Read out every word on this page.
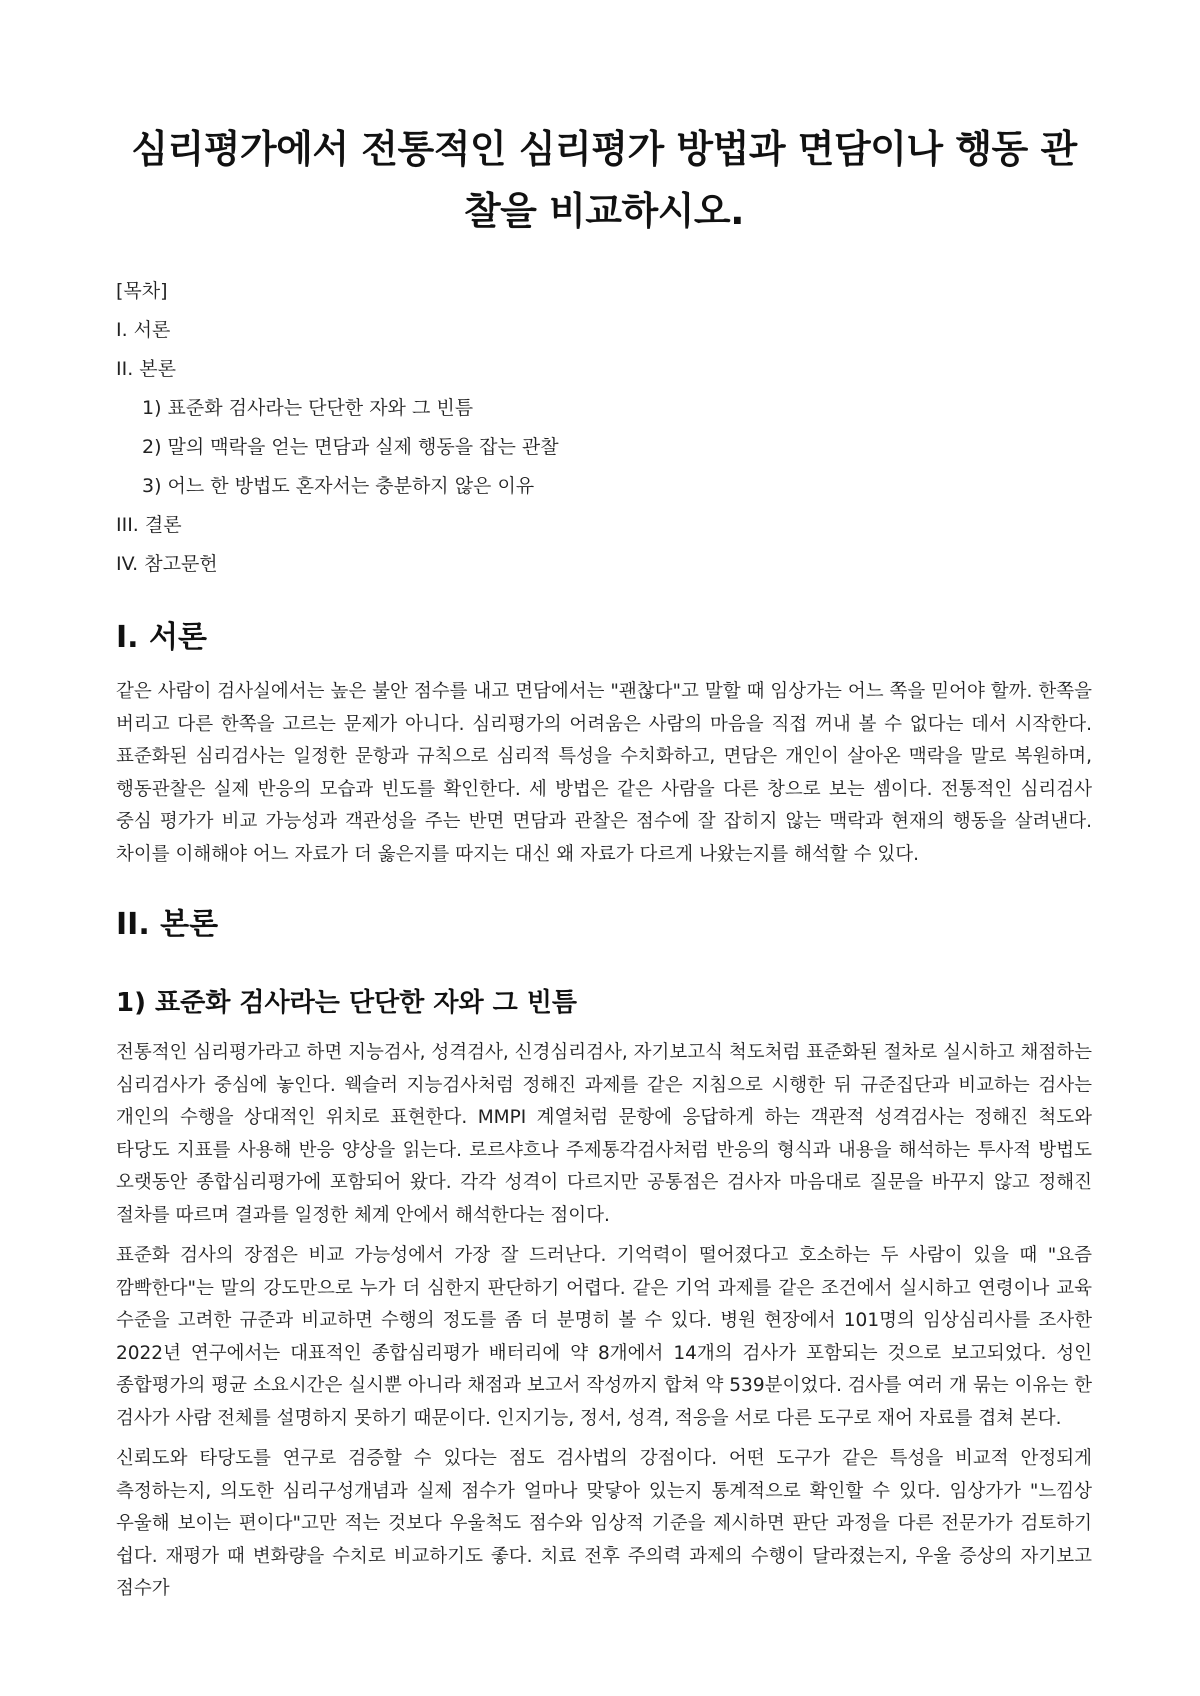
심리평가에서 전통적인 심리평가 방법과 면담이나 행동 관찰을 비교하시오.
[목차]
I. 서론
II. 본론
1) 표준화 검사라는 단단한 자와 그 빈틈
2) 말의 맥락을 얻는 면담과 실제 행동을 잡는 관찰
3) 어느 한 방법도 혼자서는 충분하지 않은 이유
III. 결론
IV. 참고문헌
I. 서론

같은 사람이 검사실에서는 높은 불안 점수를 내고 면담에서는 "괜찮다"고 말할 때 임상가는 어느 쪽을 믿어야 할까. 한쪽을 버리고 다른 한쪽을 고르는 문제가 아니다. 심리평가의 어려움은 사람의 마음을 직접 꺼내 볼 수 없다는 데서 시작한다. 표준화된 심리검사는 일정한 문항과 규칙으로 심리적 특성을 수치화하고, 면담은 개인이 살아온 맥락을 말로 복원하며, 행동관찰은 실제 반응의 모습과 빈도를 확인한다. 세 방법은 같은 사람을 다른 창으로 보는 셈이다. 전통적인 심리검사 중심 평가가 비교 가능성과 객관성을 주는 반면 면담과 관찰은 점수에 잘 잡히지 않는 맥락과 현재의 행동을 살려낸다. 차이를 이해해야 어느 자료가 더 옳은지를 따지는 대신 왜 자료가 다르게 나왔는지를 해석할 수 있다.

II. 본론
1) 표준화 검사라는 단단한 자와 그 빈틈

전통적인 심리평가라고 하면 지능검사, 성격검사, 신경심리검사, 자기보고식 척도처럼 표준화된 절차로 실시하고 채점하는 심리검사가 중심에 놓인다. 웩슬러 지능검사처럼 정해진 과제를 같은 지침으로 시행한 뒤 규준집단과 비교하는 검사는 개인의 수행을 상대적인 위치로 표현한다. MMPI 계열처럼 문항에 응답하게 하는 객관적 성격검사는 정해진 척도와 타당도 지표를 사용해 반응 양상을 읽는다. 로르샤흐나 주제통각검사처럼 반응의 형식과 내용을 해석하는 투사적 방법도 오랫동안 종합심리평가에 포함되어 왔다. 각각 성격이 다르지만 공통점은 검사자 마음대로 질문을 바꾸지 않고 정해진 절차를 따르며 결과를 일정한 체계 안에서 해석한다는 점이다.

표준화 검사의 장점은 비교 가능성에서 가장 잘 드러난다. 기억력이 떨어졌다고 호소하는 두 사람이 있을 때 "요즘 깜빡한다"는 말의 강도만으로 누가 더 심한지 판단하기 어렵다. 같은 기억 과제를 같은 조건에서 실시하고 연령이나 교육 수준을 고려한 규준과 비교하면 수행의 정도를 좀 더 분명히 볼 수 있다. 병원 현장에서 101명의 임상심리사를 조사한 2022년 연구에서는 대표적인 종합심리평가 배터리에 약 8개에서 14개의 검사가 포함되는 것으로 보고되었다. 성인 종합평가의 평균 소요시간은 실시뿐 아니라 채점과 보고서 작성까지 합쳐 약 539분이었다. 검사를 여러 개 묶는 이유는 한 검사가 사람 전체를 설명하지 못하기 때문이다. 인지기능, 정서, 성격, 적응을 서로 다른 도구로 재어 자료를 겹쳐 본다.

신뢰도와 타당도를 연구로 검증할 수 있다는 점도 검사법의 강점이다. 어떤 도구가 같은 특성을 비교적 안정되게 측정하는지, 의도한 심리구성개념과 실제 점수가 얼마나 맞닿아 있는지 통계적으로 확인할 수 있다. 임상가가 "느낌상 우울해 보이는 편이다"고만 적는 것보다 우울척도 점수와 임상적 기준을 제시하면 판단 과정을 다른 전문가가 검토하기 쉽다. 재평가 때 변화량을 수치로 비교하기도 좋다. 치료 전후 주의력 과제의 수행이 달라졌는지, 우울 증상의 자기보고 점수가
